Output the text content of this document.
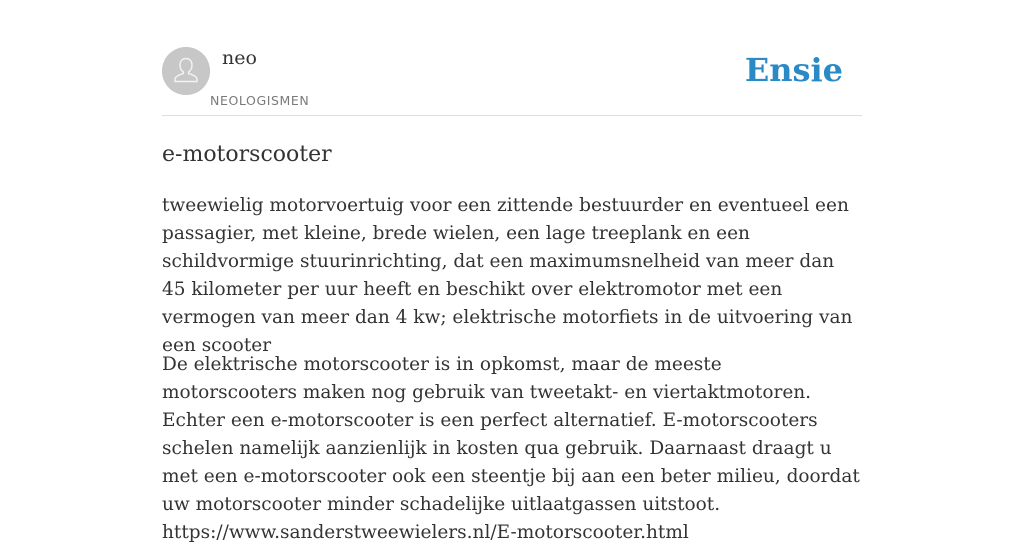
neo
NEOLOGISMEN
Ensie
e-motorscooter

tweewielig motorvoertuig voor een zittende bestuurder en eventueel een passagier, met kleine, brede wielen, een lage treeplank en een schildvormige stuurinrichting, dat een maximumsnelheid van meer dan 45 kilometer per uur heeft en beschikt over elektromotor met een vermogen van meer dan 4 kw; elektrische motorfiets in de uitvoering van een scooter

De elektrische motorscooter is in opkomst, maar de meeste motorscooters maken nog gebruik van tweetakt- en viertaktmotoren. Echter een e-motorscooter is een perfect alternatief. E-motorscooters schelen namelijk aanzienlijk in kosten qua gebruik. Daarnaast draagt u met een e-motorscooter ook een steentje bij aan een beter milieu, doordat uw motorscooter minder schadelijke uitlaatgassen uitstoot.
https://www.sanderstweewielers.nl/E-motorscooter.html
